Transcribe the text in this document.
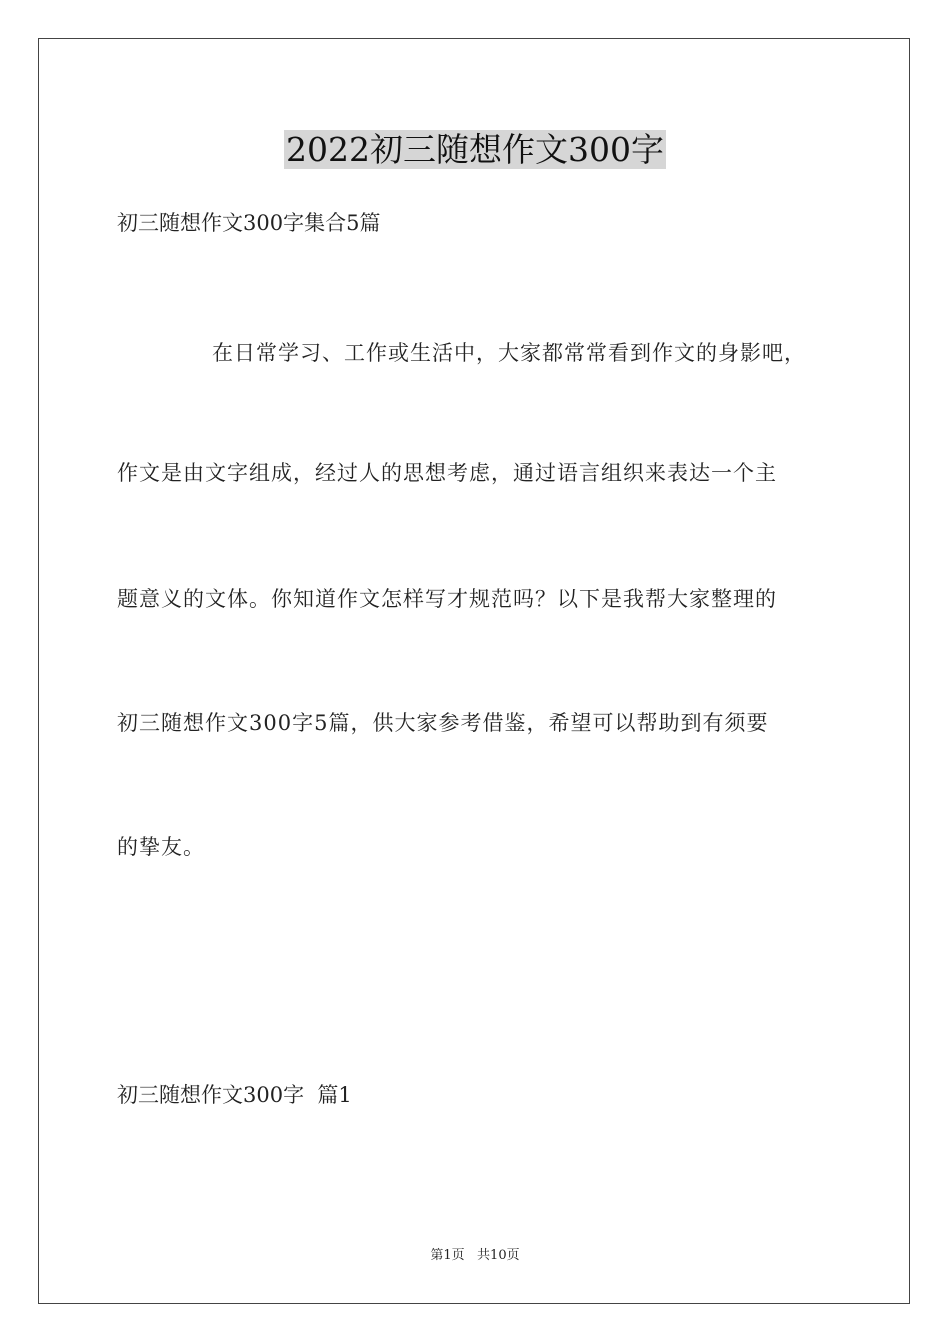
2022初三随想作文300字

初三随想作文300字集合5篇

在日常学习、工作或生活中，大家都常常看到作文的身影吧，

作文是由文字组成，经过人的思想考虑，通过语言组织来表达一个主

题意义的文体。你知道作文怎样写才规范吗？以下是我帮大家整理的

初三随想作文300字5篇，供大家参考借鉴，希望可以帮助到有须要

的挚友。

初三随想作文300字  篇1

第1页   共10页
